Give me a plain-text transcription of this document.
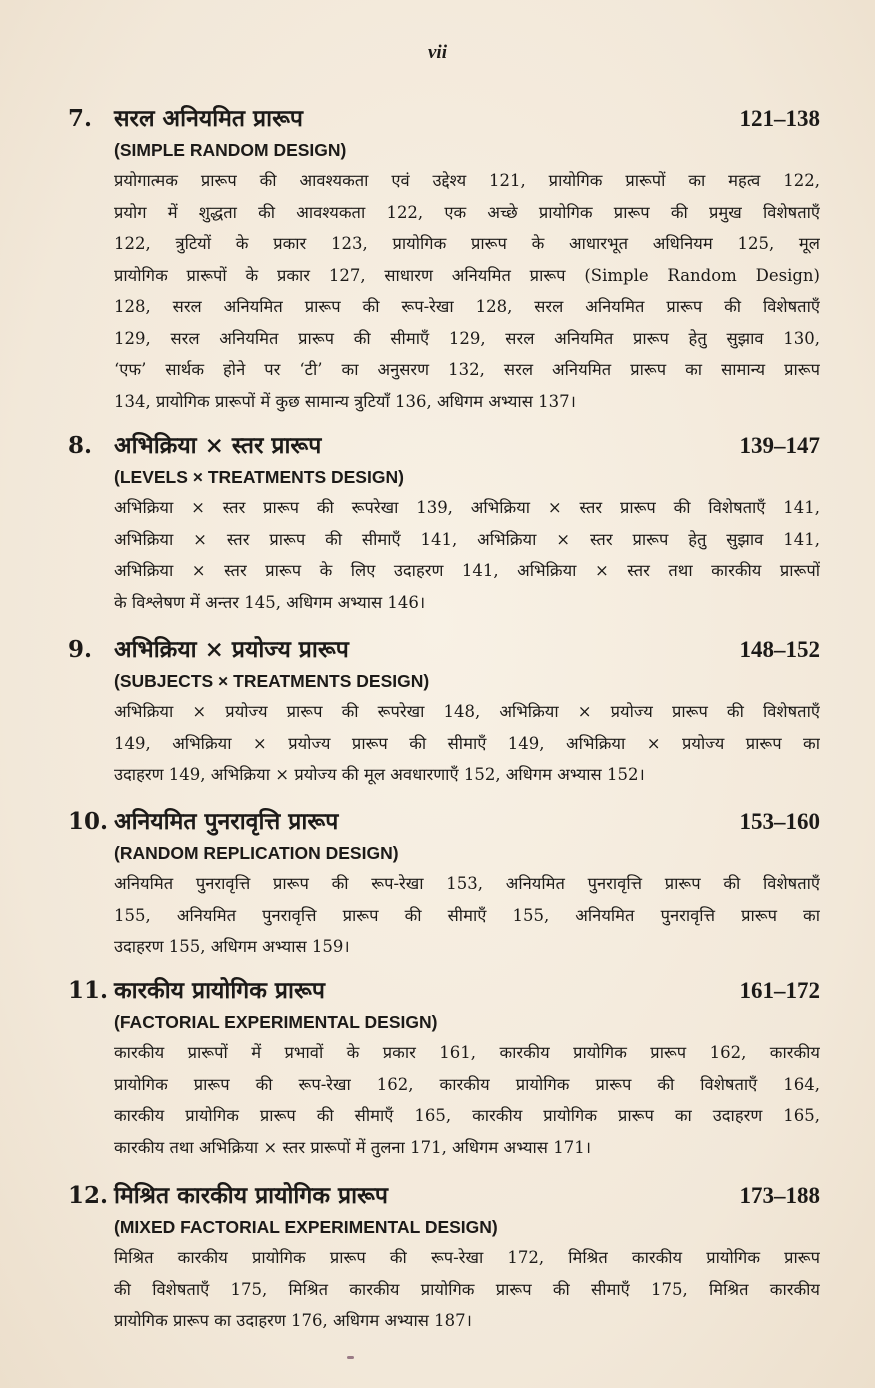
vii
7. सरल अनियमित प्रारूप	121–138
(SIMPLE RANDOM DESIGN)
प्रयोगात्मक प्रारूप की आवश्यकता एवं उद्देश्य 121, प्रायोगिक प्रारूपों का महत्व 122,
प्रयोग में शुद्धता की आवश्यकता 122, एक अच्छे प्रायोगिक प्रारूप की प्रमुख विशेषताएँ
122, त्रुटियों के प्रकार 123, प्रायोगिक प्रारूप के आधारभूत अधिनियम 125, मूल
प्रायोगिक प्रारूपों के प्रकार 127, साधारण अनियमित प्रारूप (Simple Random Design)
128, सरल अनियमित प्रारूप की रूप-रेखा 128, सरल अनियमित प्रारूप की विशेषताएँ
129, सरल अनियमित प्रारूप की सीमाएँ 129, सरल अनियमित प्रारूप हेतु सुझाव 130,
‘एफ’ सार्थक होने पर ‘टी’ का अनुसरण 132, सरल अनियमित प्रारूप का सामान्य प्रारूप
134, प्रायोगिक प्रारूपों में कुछ सामान्य त्रुटियाँ 136, अधिगम अभ्यास 137।
8. अभिक्रिया × स्तर प्रारूप	139–147
(LEVELS × TREATMENTS DESIGN)
अभिक्रिया × स्तर प्रारूप की रूपरेखा 139, अभिक्रिया × स्तर प्रारूप की विशेषताएँ 141,
अभिक्रिया × स्तर प्रारूप की सीमाएँ 141, अभिक्रिया × स्तर प्रारूप हेतु सुझाव 141,
अभिक्रिया × स्तर प्रारूप के लिए उदाहरण 141, अभिक्रिया × स्तर तथा कारकीय प्रारूपों
के विश्लेषण में अन्तर 145, अधिगम अभ्यास 146।
9. अभिक्रिया × प्रयोज्य प्रारूप	148–152
(SUBJECTS × TREATMENTS DESIGN)
अभिक्रिया × प्रयोज्य प्रारूप की रूपरेखा 148, अभिक्रिया × प्रयोज्य प्रारूप की विशेषताएँ
149, अभिक्रिया × प्रयोज्य प्रारूप की सीमाएँ 149, अभिक्रिया × प्रयोज्य प्रारूप का
उदाहरण 149, अभिक्रिया × प्रयोज्य की मूल अवधारणाएँ 152, अधिगम अभ्यास 152।
10. अनियमित पुनरावृत्ति प्रारूप	153–160
(RANDOM REPLICATION DESIGN)
अनियमित पुनरावृत्ति प्रारूप की रूप-रेखा 153, अनियमित पुनरावृत्ति प्रारूप की विशेषताएँ
155, अनियमित पुनरावृत्ति प्रारूप की सीमाएँ 155, अनियमित पुनरावृत्ति प्रारूप का
उदाहरण 155, अधिगम अभ्यास 159।
11. कारकीय प्रायोगिक प्रारूप	161–172
(FACTORIAL EXPERIMENTAL DESIGN)
कारकीय प्रारूपों में प्रभावों के प्रकार 161, कारकीय प्रायोगिक प्रारूप 162, कारकीय
प्रायोगिक प्रारूप की रूप-रेखा 162, कारकीय प्रायोगिक प्रारूप की विशेषताएँ 164,
कारकीय प्रायोगिक प्रारूप की सीमाएँ 165, कारकीय प्रायोगिक प्रारूप का उदाहरण 165,
कारकीय तथा अभिक्रिया × स्तर प्रारूपों में तुलना 171, अधिगम अभ्यास 171।
12. मिश्रित कारकीय प्रायोगिक प्रारूप	173–188
(MIXED FACTORIAL EXPERIMENTAL DESIGN)
मिश्रित कारकीय प्रायोगिक प्रारूप की रूप-रेखा 172, मिश्रित कारकीय प्रायोगिक प्रारूप
की विशेषताएँ 175, मिश्रित कारकीय प्रायोगिक प्रारूप की सीमाएँ 175, मिश्रित कारकीय
प्रायोगिक प्रारूप का उदाहरण 176, अधिगम अभ्यास 187।
